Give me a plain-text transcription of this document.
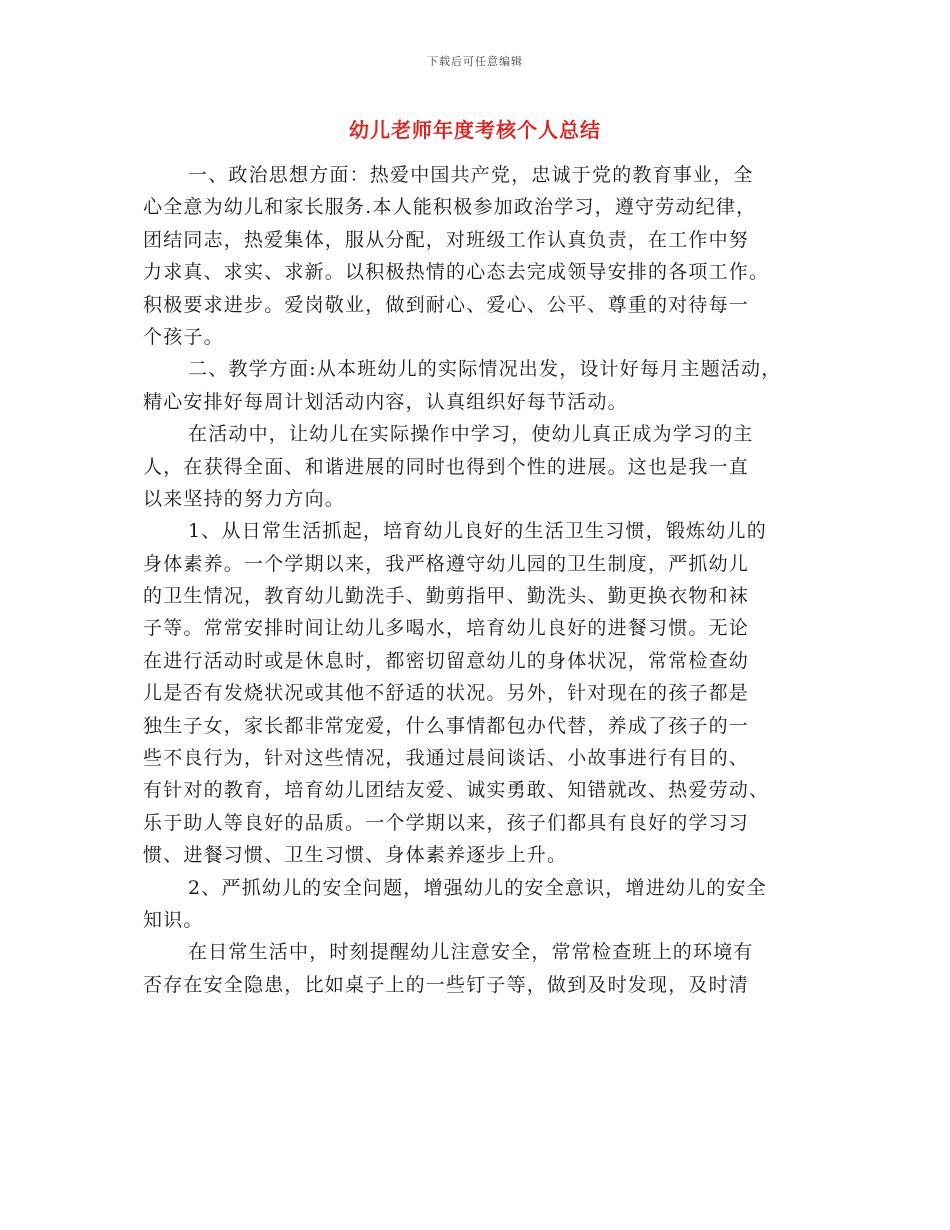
下载后可任意编辑
幼儿老师年度考核个人总结
一、政治思想方面：热爱中国共产党，忠诚于党的教育事业，全
心全意为幼儿和家长服务.本人能积极参加政治学习，遵守劳动纪律，
团结同志，热爱集体，服从分配，对班级工作认真负责，在工作中努
力求真、求实、求新。以积极热情的心态去完成领导安排的各项工作。
积极要求进步。爱岗敬业，做到耐心、爱心、公平、尊重的对待每一
个孩子。
二、教学方面:从本班幼儿的实际情况出发，设计好每月主题活动，
精心安排好每周计划活动内容，认真组织好每节活动。
在活动中，让幼儿在实际操作中学习，使幼儿真正成为学习的主
人，在获得全面、和谐进展的同时也得到个性的进展。这也是我一直
以来坚持的努力方向。
1、从日常生活抓起，培育幼儿良好的生活卫生习惯，锻炼幼儿的
身体素养。一个学期以来，我严格遵守幼儿园的卫生制度，严抓幼儿
的卫生情况，教育幼儿勤洗手、勤剪指甲、勤洗头、勤更换衣物和袜
子等。常常安排时间让幼儿多喝水，培育幼儿良好的进餐习惯。无论
在进行活动时或是休息时，都密切留意幼儿的身体状况，常常检查幼
儿是否有发烧状况或其他不舒适的状况。另外，针对现在的孩子都是
独生子女，家长都非常宠爱，什么事情都包办代替，养成了孩子的一
些不良行为，针对这些情况，我通过晨间谈话、小故事进行有目的、
有针对的教育，培育幼儿团结友爱、诚实勇敢、知错就改、热爱劳动、
乐于助人等良好的品质。一个学期以来，孩子们都具有良好的学习习
惯、进餐习惯、卫生习惯、身体素养逐步上升。
2、严抓幼儿的安全问题，增强幼儿的安全意识，增进幼儿的安全
知识。
在日常生活中，时刻提醒幼儿注意安全，常常检查班上的环境有
否存在安全隐患，比如桌子上的一些钉子等，做到及时发现，及时清
